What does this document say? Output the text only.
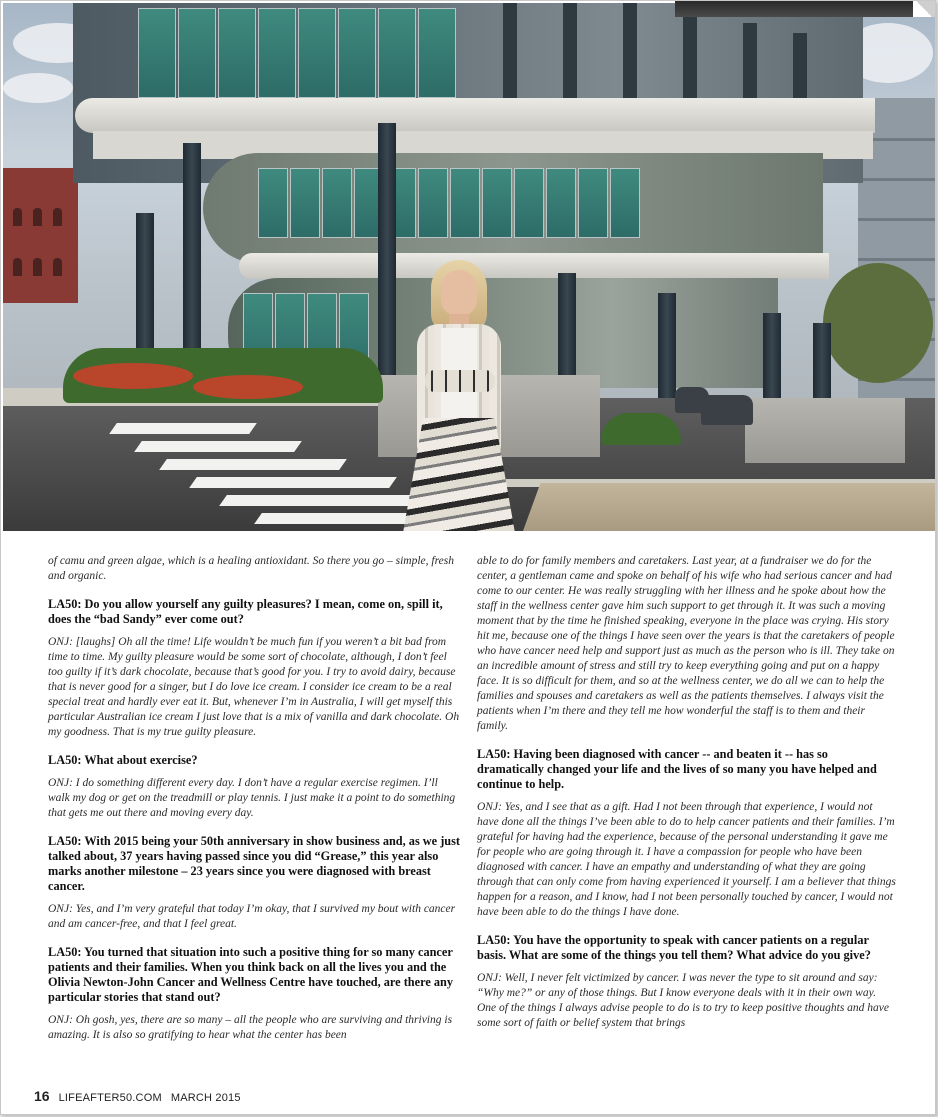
of camu and green algae, which is a healing antioxidant. So there you go – simple, fresh and organic.

LA50: Do you allow yourself any guilty pleasures? I mean, come on, spill it, does the “bad Sandy” ever come out?

ONJ: [laughs] Oh all the time! Life wouldn’t be much fun if you weren’t a bit bad from time to time. My guilty pleasure would be some sort of chocolate, although, I don’t feel too guilty if it’s dark chocolate, because that’s good for you. I try to avoid dairy, because that is never good for a singer, but I do love ice cream. I consider ice cream to be a real special treat and hardly ever eat it. But, whenever I’m in Australia, I will get myself this particular Australian ice cream I just love that is a mix of vanilla and dark chocolate. Oh my goodness. That is my true guilty pleasure.

LA50: What about exercise?

ONJ: I do something different every day. I don’t have a regular exercise regimen. I’ll walk my dog or get on the treadmill or play tennis. I just make it a point to do something that gets me out there and moving every day.

LA50: With 2015 being your 50th anniversary in show business and, as we just talked about, 37 years having passed since you did “Grease,” this year also marks another milestone – 23 years since you were diagnosed with breast cancer.

ONJ: Yes, and I’m very grateful that today I’m okay, that I survived my bout with cancer and am cancer-free, and that I feel great.

LA50: You turned that situation into such a positive thing for so many cancer patients and their families. When you think back on all the lives you and the Olivia Newton-John Cancer and Wellness Centre have touched, are there any particular stories that stand out?

ONJ: Oh gosh, yes, there are so many – all the people who are surviving and thriving is amazing. It is also so gratifying to hear what the center has been

able to do for family members and caretakers. Last year, at a fundraiser we do for the center, a gentleman came and spoke on behalf of his wife who had serious cancer and had come to our center. He was really struggling with her illness and he spoke about how the staff in the wellness center gave him such support to get through it. It was such a moving moment that by the time he finished speaking, everyone in the place was crying. His story hit me, because one of the things I have seen over the years is that the caretakers of people who have cancer need help and support just as much as the person who is ill. They take on an incredible amount of stress and still try to keep everything going and put on a happy face. It is so difficult for them, and so at the wellness center, we do all we can to help the families and spouses and caretakers as well as the patients themselves. I always visit the patients when I’m there and they tell me how wonderful the staff is to them and their family.

LA50: Having been diagnosed with cancer -- and beaten it -- has so dramatically changed your life and the lives of so many you have helped and continue to help.

ONJ: Yes, and I see that as a gift. Had I not been through that experience, I would not have done all the things I’ve been able to do to help cancer patients and their families. I’m grateful for having had the experience, because of the personal understanding it gave me for people who are going through it. I have a compassion for people who have been diagnosed with cancer. I have an empathy and understanding of what they are going through that can only come from having experienced it yourself. I am a believer that things happen for a reason, and I know, had I not been personally touched by cancer, I would not have been able to do the things I have done.

LA50: You have the opportunity to speak with cancer patients on a regular basis. What are some of the things you tell them? What advice do you give?

ONJ: Well, I never felt victimized by cancer. I was never the type to sit around and say: “Why me?” or any of those things. But I know everyone deals with it in their own way. One of the things I always advise people to do is to try to keep positive thoughts and have some sort of faith or belief system that brings

16 LIFEAFTER50.COM MARCH 2015
